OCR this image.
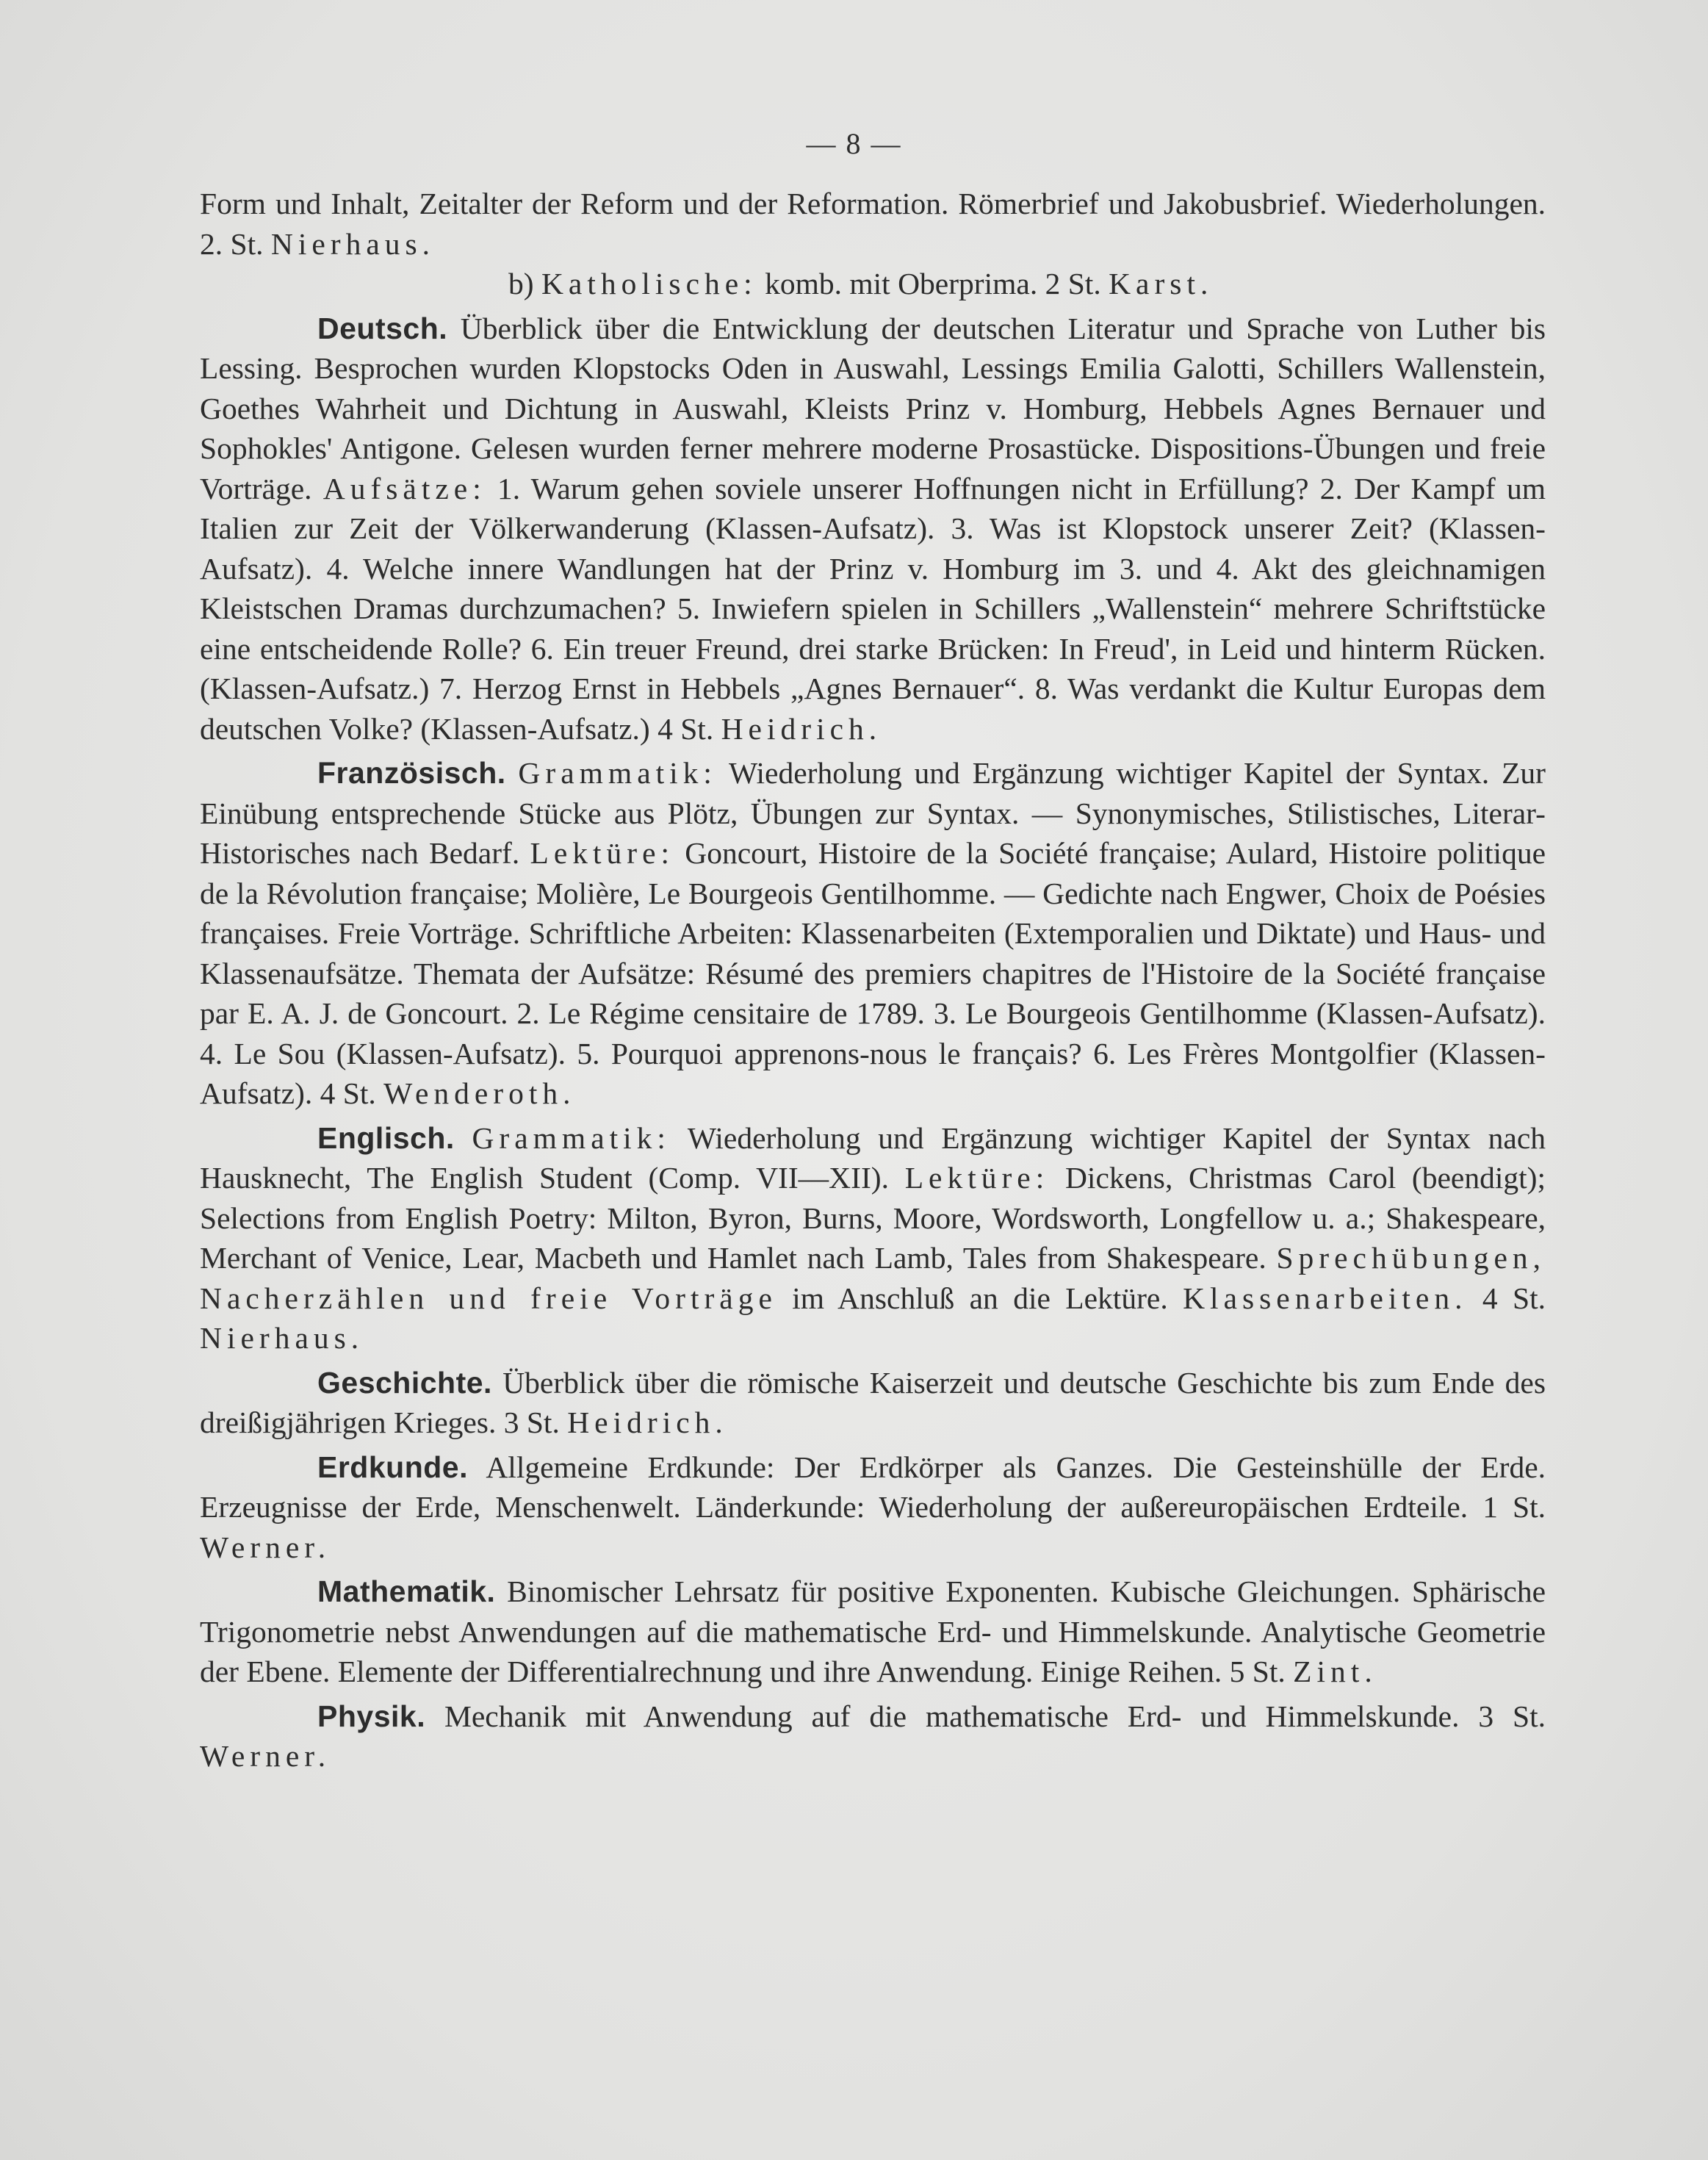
— 8 —

Form und Inhalt, Zeitalter der Reform und der Reformation. Römerbrief und Jakobusbrief. Wiederholungen. 2. St. Nierhaus.

b) Katholische: komb. mit Oberprima. 2 St. Karst.

Deutsch. Überblick über die Entwicklung der deutschen Literatur und Sprache von Luther bis Lessing. Besprochen wurden Klopstocks Oden in Auswahl, Lessings Emilia Galotti, Schillers Wallenstein, Goethes Wahrheit und Dichtung in Auswahl, Kleists Prinz v. Homburg, Hebbels Agnes Bernauer und Sophokles' Antigone. Gelesen wurden ferner mehrere moderne Prosastücke. Dispositions-Übungen und freie Vorträge. Aufsätze: 1. Warum gehen soviele unserer Hoffnungen nicht in Erfüllung? 2. Der Kampf um Italien zur Zeit der Völkerwanderung (Klassen-Aufsatz). 3. Was ist Klopstock unserer Zeit? (Klassen-Aufsatz). 4. Welche innere Wandlungen hat der Prinz v. Homburg im 3. und 4. Akt des gleichnamigen Kleistschen Dramas durchzumachen? 5. Inwiefern spielen in Schillers „Wallenstein“ mehrere Schriftstücke eine entscheidende Rolle? 6. Ein treuer Freund, drei starke Brücken: In Freud', in Leid und hinterm Rücken. (Klassen-Aufsatz.) 7. Herzog Ernst in Hebbels „Agnes Bernauer“. 8. Was verdankt die Kultur Europas dem deutschen Volke? (Klassen-Aufsatz.) 4 St. Heidrich.

Französisch. Grammatik: Wiederholung und Ergänzung wichtiger Kapitel der Syntax. Zur Einübung entsprechende Stücke aus Plötz, Übungen zur Syntax. — Synonymisches, Stilistisches, Literar-Historisches nach Bedarf. Lektüre: Goncourt, Histoire de la Société française; Aulard, Histoire politique de la Révolution française; Molière, Le Bourgeois Gentilhomme. — Gedichte nach Engwer, Choix de Poésies françaises. Freie Vorträge. Schriftliche Arbeiten: Klassenarbeiten (Extemporalien und Diktate) und Haus- und Klassenaufsätze. Themata der Aufsätze: Résumé des premiers chapitres de l'Histoire de la Société française par E. A. J. de Goncourt. 2. Le Régime censitaire de 1789. 3. Le Bourgeois Gentilhomme (Klassen-Aufsatz). 4. Le Sou (Klassen-Aufsatz). 5. Pourquoi apprenons-nous le français? 6. Les Frères Montgolfier (Klassen-Aufsatz). 4 St. Wenderoth.

Englisch. Grammatik: Wiederholung und Ergänzung wichtiger Kapitel der Syntax nach Hausknecht, The English Student (Comp. VII—XII). Lektüre: Dickens, Christmas Carol (beendigt); Selections from English Poetry: Milton, Byron, Burns, Moore, Wordsworth, Longfellow u. a.; Shakespeare, Merchant of Venice, Lear, Macbeth und Hamlet nach Lamb, Tales from Shakespeare. Sprechübungen, Nacherzählen und freie Vorträge im Anschluß an die Lektüre. Klassenarbeiten. 4 St. Nierhaus.

Geschichte. Überblick über die römische Kaiserzeit und deutsche Geschichte bis zum Ende des dreißigjährigen Krieges. 3 St. Heidrich.

Erdkunde. Allgemeine Erdkunde: Der Erdkörper als Ganzes. Die Gesteinshülle der Erde. Erzeugnisse der Erde, Menschenwelt. Länderkunde: Wiederholung der außereuropäischen Erdteile. 1 St. Werner.

Mathematik. Binomischer Lehrsatz für positive Exponenten. Kubische Gleichungen. Sphärische Trigonometrie nebst Anwendungen auf die mathematische Erd- und Himmelskunde. Analytische Geometrie der Ebene. Elemente der Differentialrechnung und ihre Anwendung. Einige Reihen. 5 St. Zint.

Physik. Mechanik mit Anwendung auf die mathematische Erd- und Himmelskunde. 3 St. Werner.
